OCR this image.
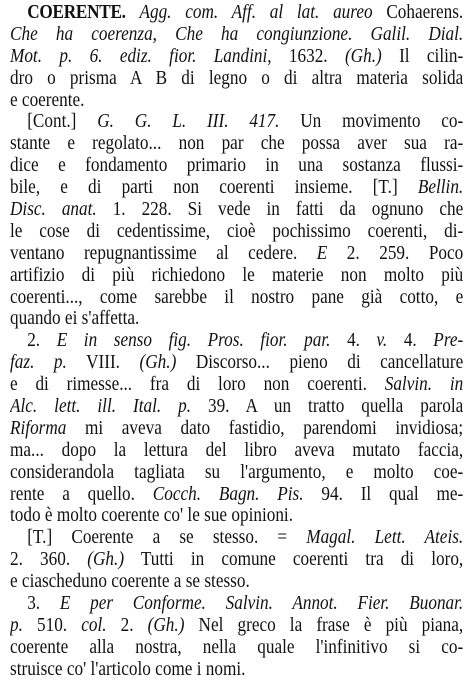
COERENTE. Agg. com. Aff. al lat. aureo Cohaerens.
Che ha coerenza, Che ha congiunzione. Galil. Dial.
Mot. p. 6. ediz. fior. Landini, 1632. (Gh.) Il cilin-
dro o prisma A B di legno o di altra materia solida
e coerente.

[Cont.] G. G. L. III. 417. Un movimento co-
stante e regolato... non par che possa aver sua ra-
dice e fondamento primario in una sostanza flussi-
bile, e di parti non coerenti insieme. [T.] Bellin.
Disc. anat. 1. 228. Si vede in fatti da ognuno che
le cose di cedentissime, cioè pochissimo coerenti, di-
ventano repugnantissime al cedere. E 2. 259. Poco
artifizio di più richiedono le materie non molto più
coerenti..., come sarebbe il nostro pane già cotto, e
quando ei s'affetta.

2. E in senso fig. Pros. fior. par. 4. v. 4. Pre-
faz. p. VIII. (Gh.) Discorso... pieno di cancellature
e di rimesse... fra di loro non coerenti. Salvin. in
Alc. lett. ill. Ital. p. 39. A un tratto quella parola
Riforma mi aveva dato fastidio, parendomi invidiosa;
ma... dopo la lettura del libro aveva mutato faccia,
considerandola tagliata su l'argumento, e molto coe-
rente a quello. Cocch. Bagn. Pis. 94. Il qual me-
todo è molto coerente co' le sue opinioni.

[T.] Coerente a se stesso. = Magal. Lett. Ateis.
2. 360. (Gh.) Tutti in comune coerenti tra di loro,
e ciascheduno coerente a se stesso.

3. E per Conforme. Salvin. Annot. Fier. Buonar.
p. 510. col. 2. (Gh.) Nel greco la frase è più piana,
coerente alla nostra, nella quale l'infinitivo si co-
struisce co' l'articolo come i nomi.
